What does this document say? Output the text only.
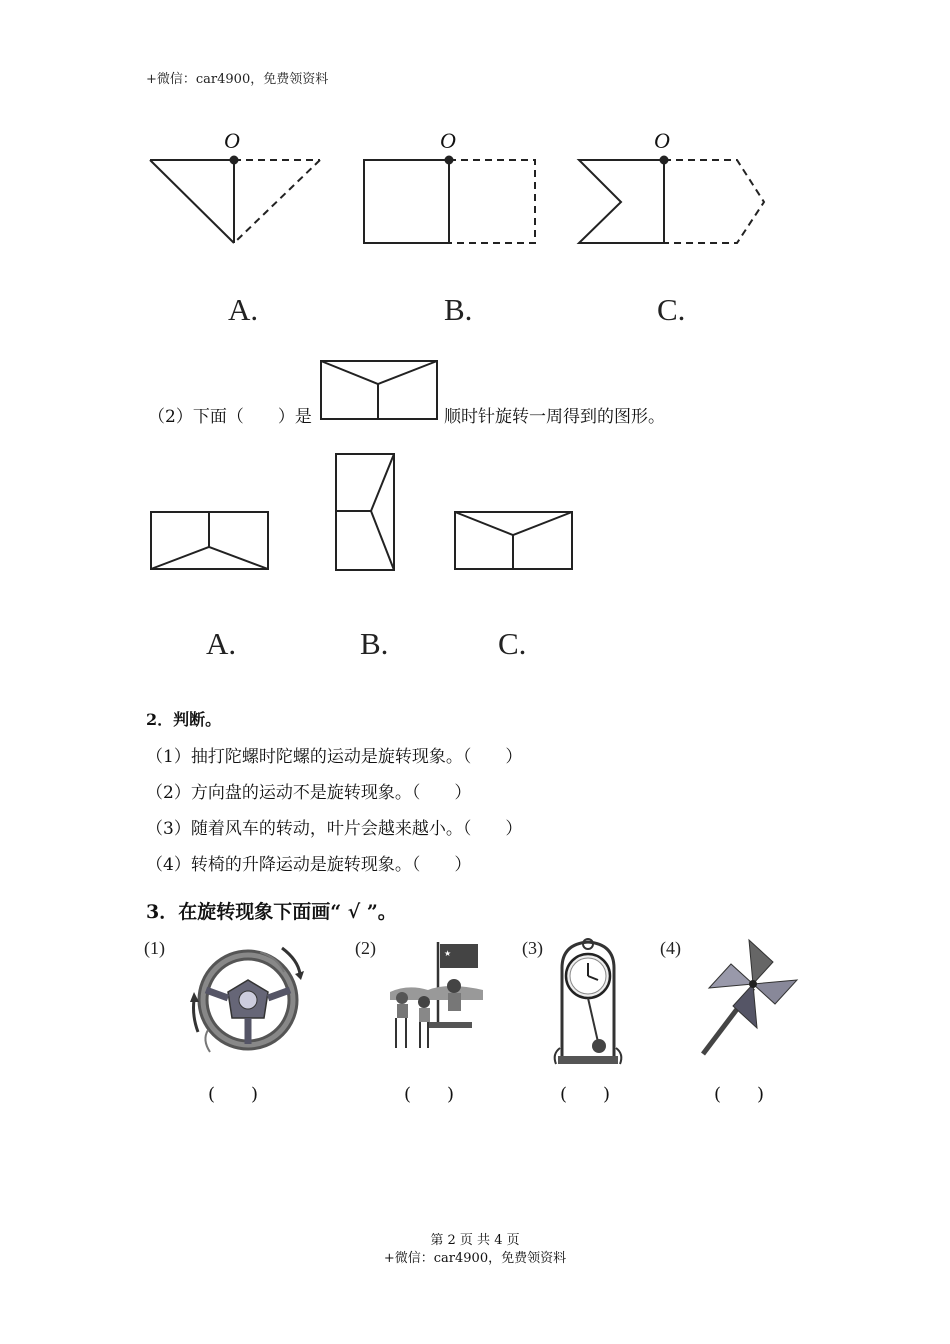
+微信：car4900，免费领资料
O	O	O
A.	B.	C.
（2）下面（　　）是	顺时针旋转一周得到的图形。
A.	B.	C.
2．判断。
（1）抽打陀螺时陀螺的运动是旋转现象。（　　）
（2）方向盘的运动不是旋转现象。（　　）
（3）随着风车的转动，叶片会越来越小。（　　）
（4）转椅的升降运动是旋转现象。（　　）
3．在旋转现象下面画“ √ ”。
(1)	(2)	(3)	(4)
★
(　　)	(　　)	(　　)	(　　)
第 2 页 共 4 页
+微信：car4900，免费领资料
